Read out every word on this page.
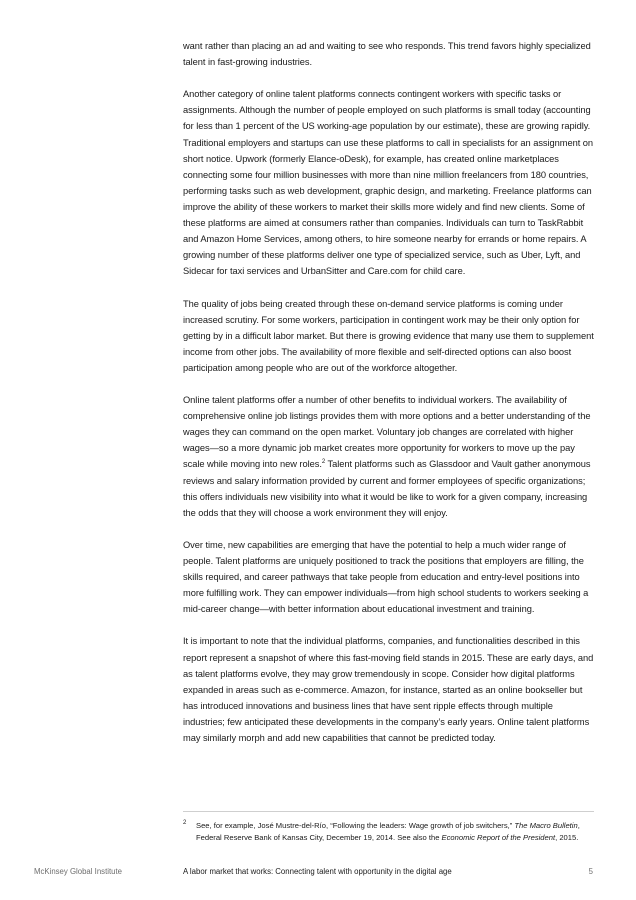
want rather than placing an ad and waiting to see who responds. This trend favors highly specialized talent in fast-growing industries.

Another category of online talent platforms connects contingent workers with specific tasks or assignments. Although the number of people employed on such platforms is small today (accounting for less than 1 percent of the US working-age population by our estimate), these are growing rapidly. Traditional employers and startups can use these platforms to call in specialists for an assignment on short notice. Upwork (formerly Elance-oDesk), for example, has created online marketplaces connecting some four million businesses with more than nine million freelancers from 180 countries, performing tasks such as web development, graphic design, and marketing. Freelance platforms can improve the ability of these workers to market their skills more widely and find new clients. Some of these platforms are aimed at consumers rather than companies. Individuals can turn to TaskRabbit and Amazon Home Services, among others, to hire someone nearby for errands or home repairs. A growing number of these platforms deliver one type of specialized service, such as Uber, Lyft, and Sidecar for taxi services and UrbanSitter and Care.com for child care.

The quality of jobs being created through these on-demand service platforms is coming under increased scrutiny. For some workers, participation in contingent work may be their only option for getting by in a difficult labor market. But there is growing evidence that many use them to supplement income from other jobs. The availability of more flexible and self-directed options can also boost participation among people who are out of the workforce altogether.

Online talent platforms offer a number of other benefits to individual workers. The availability of comprehensive online job listings provides them with more options and a better understanding of the wages they can command on the open market. Voluntary job changes are correlated with higher wages—so a more dynamic job market creates more opportunity for workers to move up the pay scale while moving into new roles.$^2$ Talent platforms such as Glassdoor and Vault gather anonymous reviews and salary information provided by current and former employees of specific organizations; this offers individuals new visibility into what it would be like to work for a given company, increasing the odds that they will choose a work environment they will enjoy.

Over time, new capabilities are emerging that have the potential to help a much wider range of people. Talent platforms are uniquely positioned to track the positions that employers are filling, the skills required, and career pathways that take people from education and entry-level positions into more fulfilling work. They can empower individuals—from high school students to workers seeking a mid-career change—with better information about educational investment and training.

It is important to note that the individual platforms, companies, and functionalities described in this report represent a snapshot of where this fast-moving field stands in 2015. These are early days, and as talent platforms evolve, they may grow tremendously in scope. Consider how digital platforms expanded in areas such as e-commerce. Amazon, for instance, started as an online bookseller but has introduced innovations and business lines that have sent ripple effects through multiple industries; few anticipated these developments in the company’s early years. Online talent platforms may similarly morph and add new capabilities that cannot be predicted today.

2 See, for example, José Mustre-del-Río, “Following the leaders: Wage growth of job switchers,” The Macro Bulletin, Federal Reserve Bank of Kansas City, December 19, 2014. See also the Economic Report of the President, 2015.
McKinsey Global Institute	A labor market that works: Connecting talent with opportunity in the digital age	5
